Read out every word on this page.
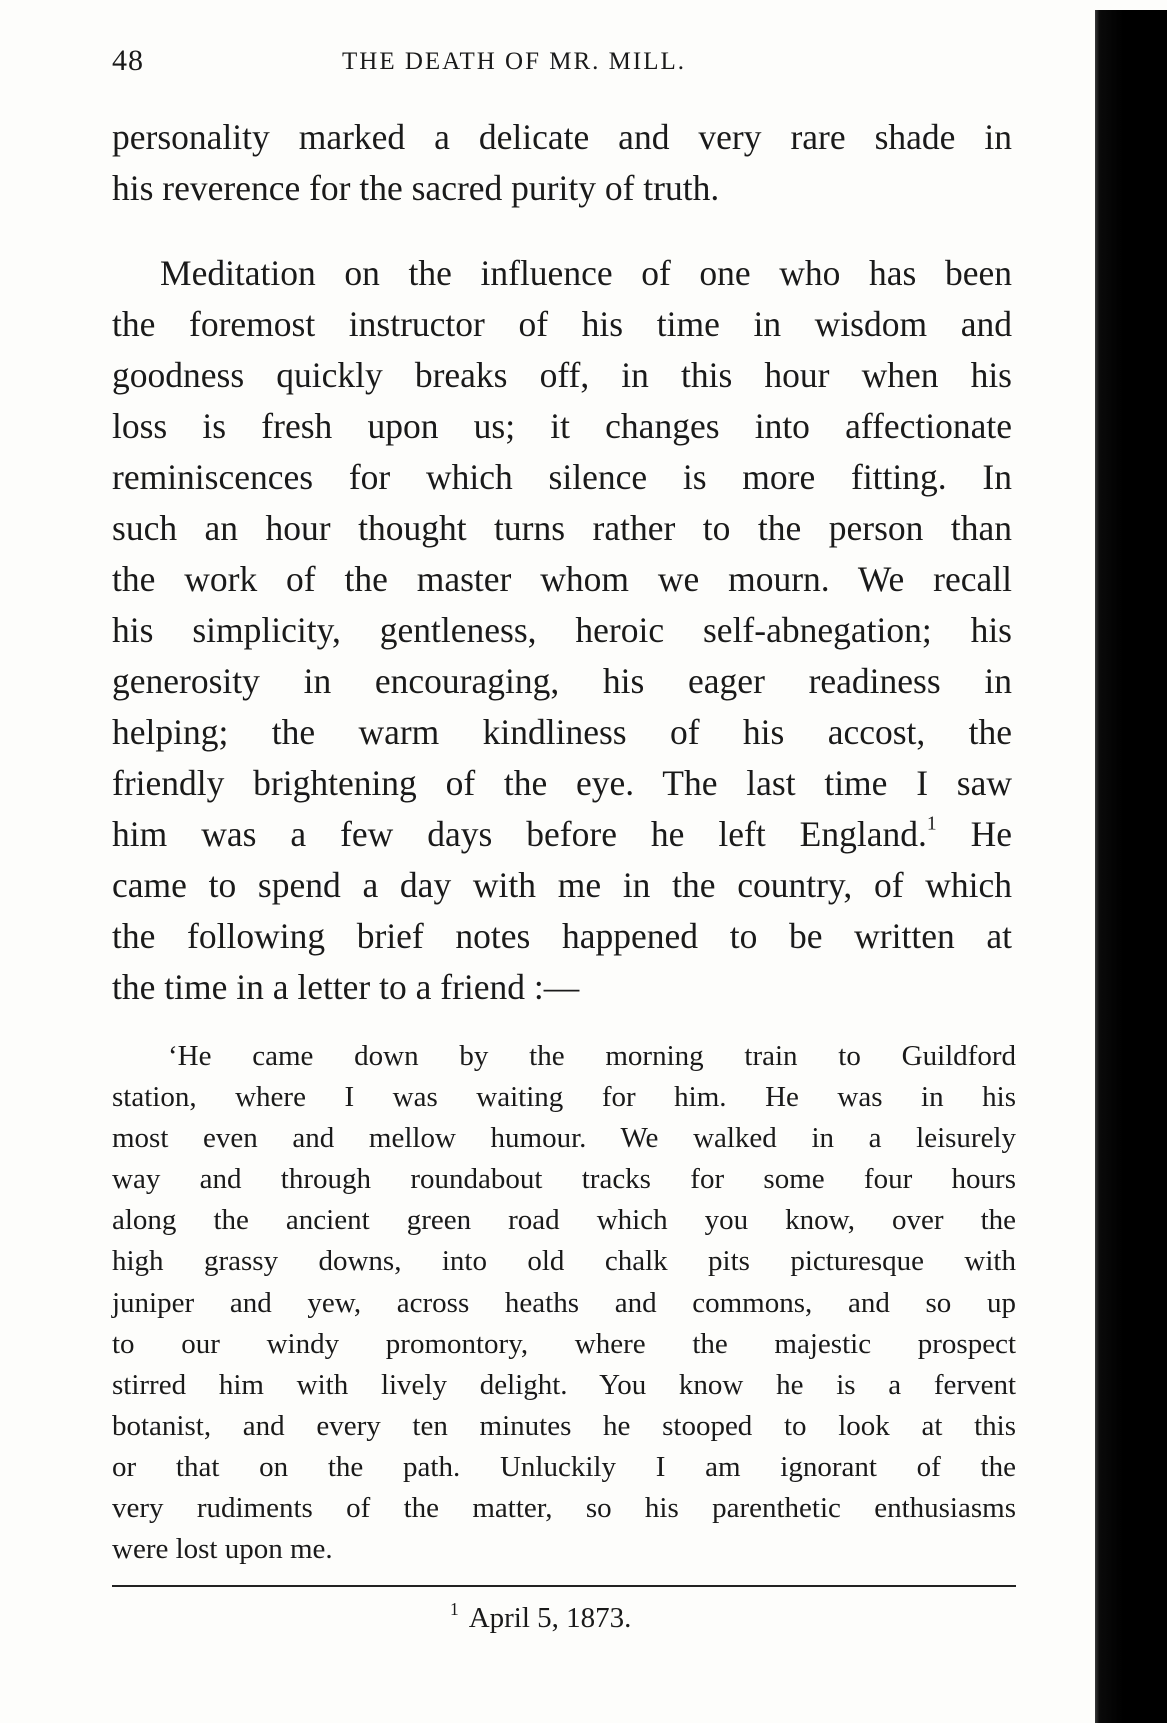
48	THE DEATH OF MR. MILL.
personality marked a delicate and very rare shade in
his reverence for the sacred purity of truth.
Meditation on the influence of one who has been
the foremost instructor of his time in wisdom and
goodness quickly breaks off, in this hour when his
loss is fresh upon us; it changes into affectionate
reminiscences for which silence is more fitting. In
such an hour thought turns rather to the person than
the work of the master whom we mourn. We recall
his simplicity, gentleness, heroic self-abnegation; his
generosity in encouraging, his eager readiness in
helping; the warm kindliness of his accost, the
friendly brightening of the eye. The last time I saw
him was a few days before he left England.$^1$ He
came to spend a day with me in the country, of which
the following brief notes happened to be written at
the time in a letter to a friend :—
‘He came down by the morning train to Guildford
station, where I was waiting for him. He was in his
most even and mellow humour. We walked in a leisurely
way and through roundabout tracks for some four hours
along the ancient green road which you know, over the
high grassy downs, into old chalk pits picturesque with
juniper and yew, across heaths and commons, and so up
to our windy promontory, where the majestic prospect
stirred him with lively delight. You know he is a fervent
botanist, and every ten minutes he stooped to look at this
or that on the path. Unluckily I am ignorant of the
very rudiments of the matter, so his parenthetic enthusiasms
were lost upon me.
$^1$ April 5, 1873.
